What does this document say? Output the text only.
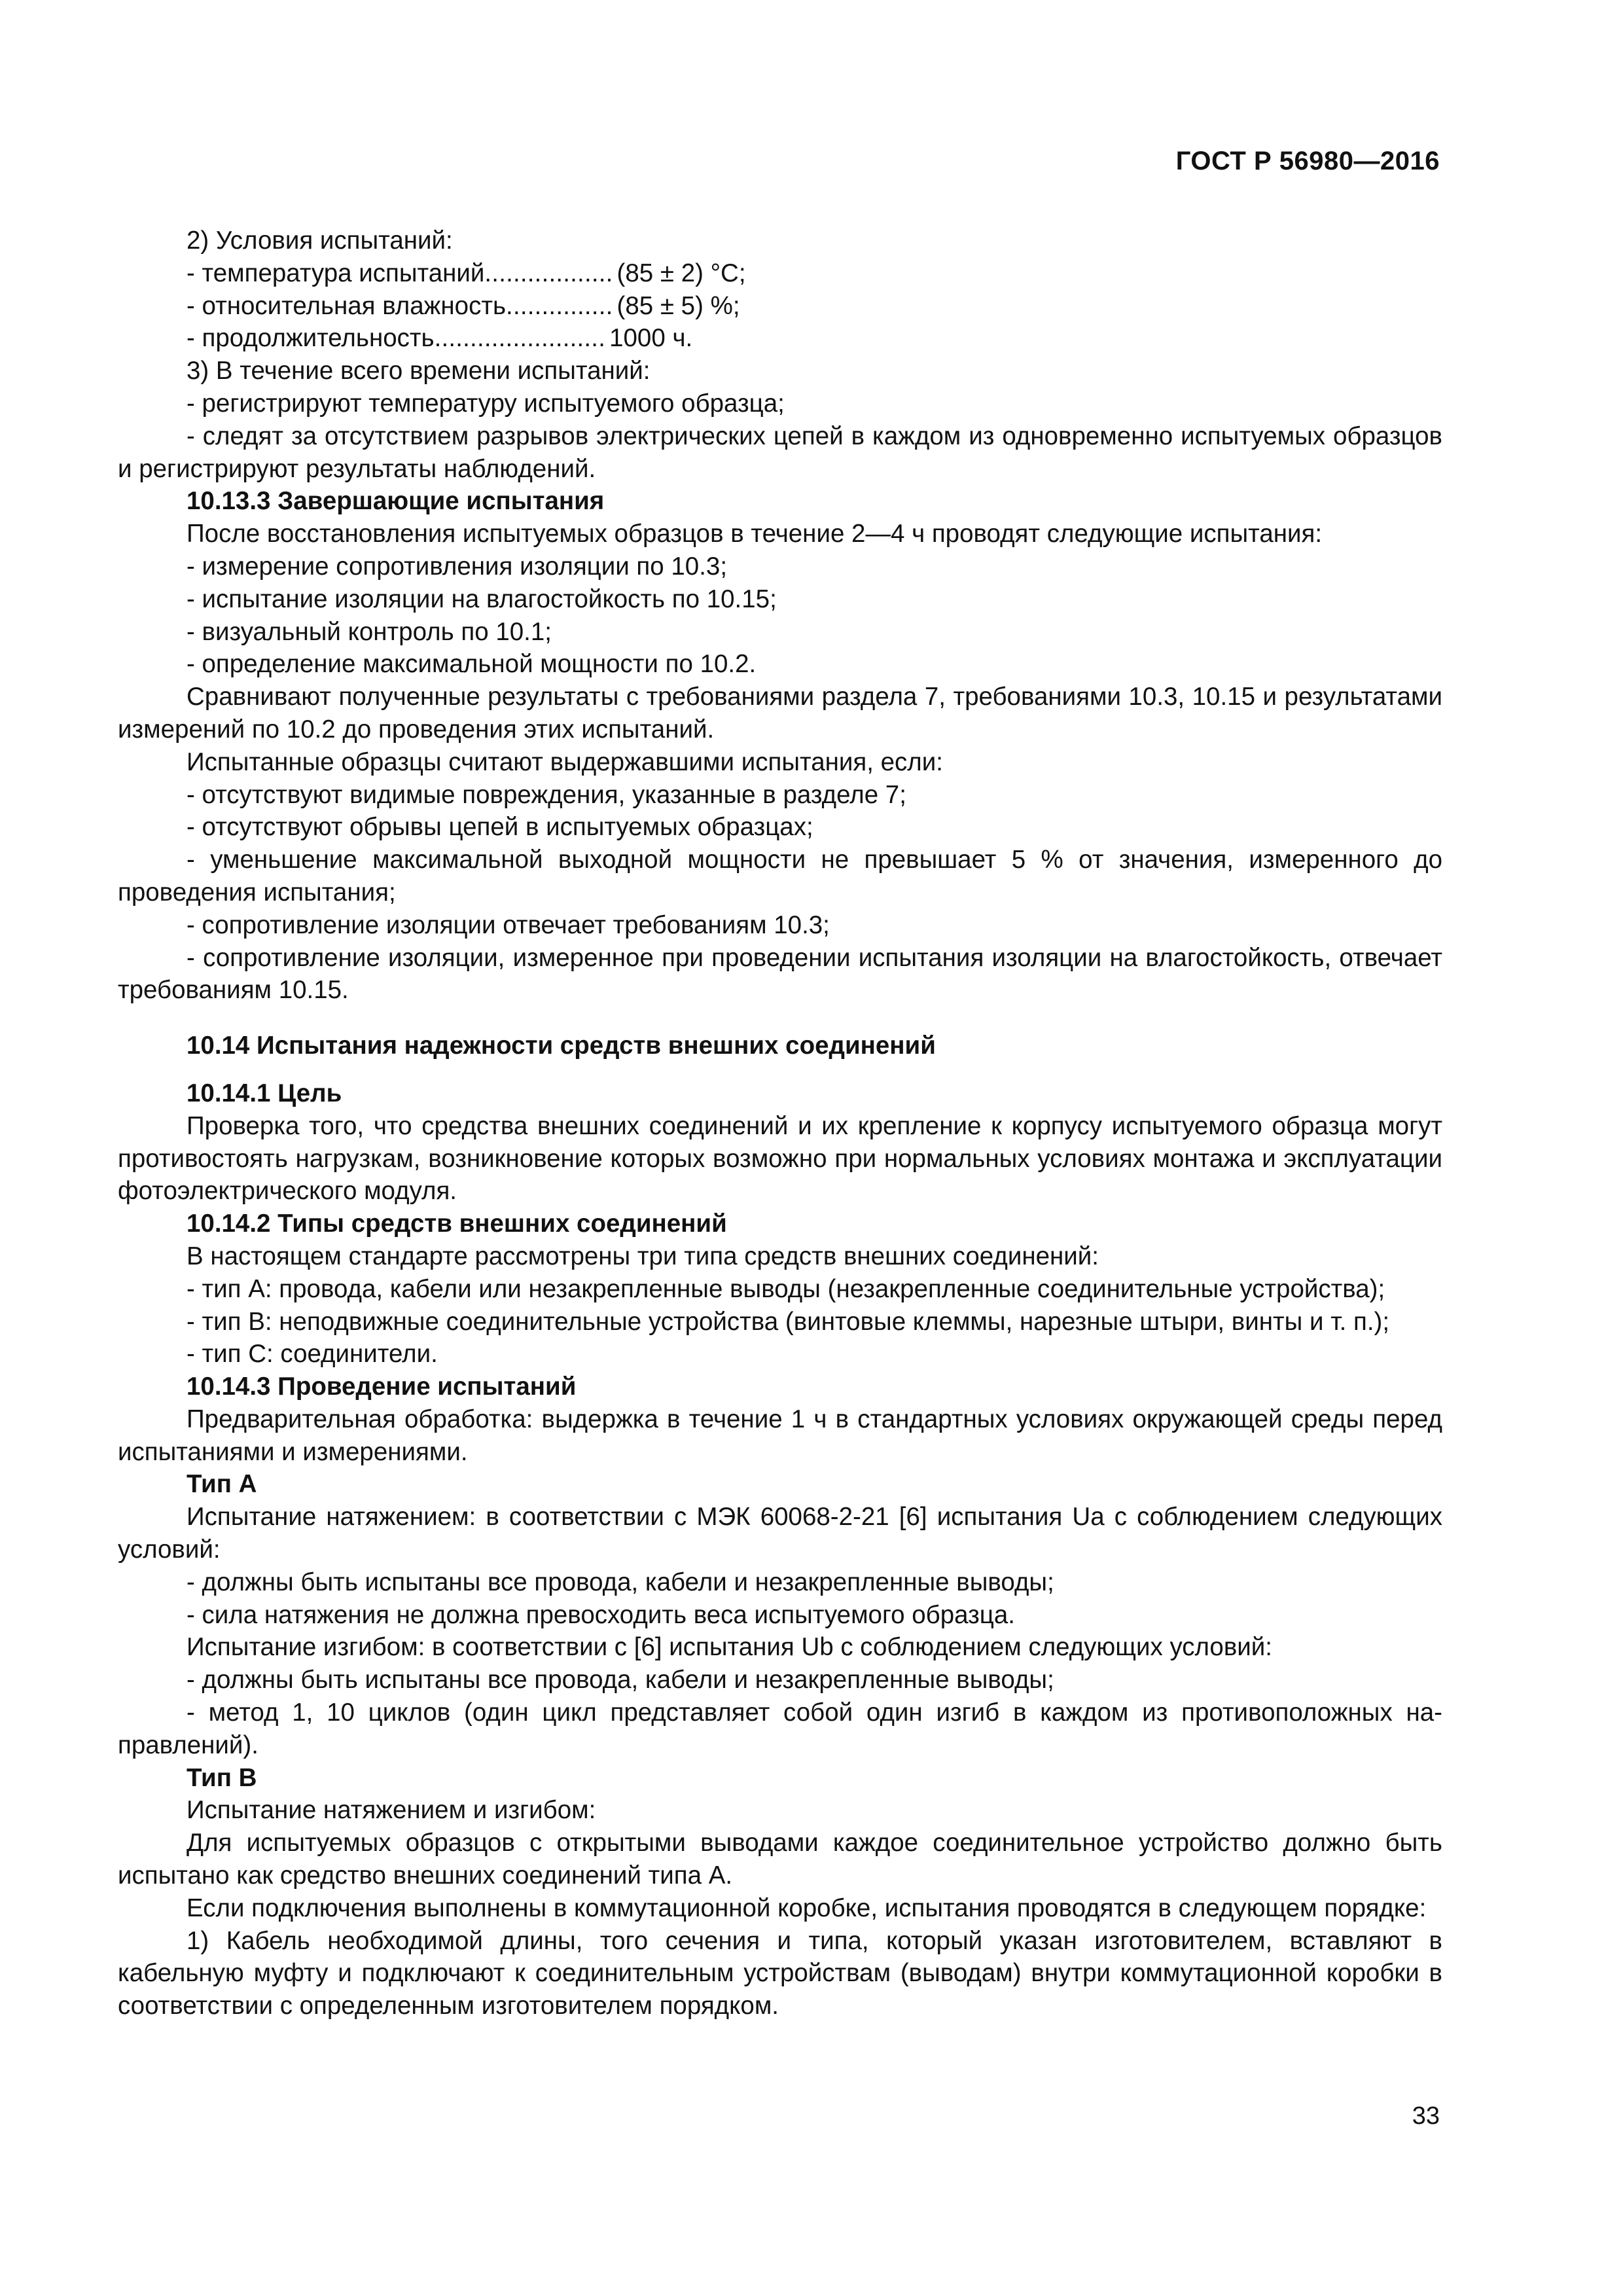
ГОСТ Р 56980—2016

2) Условия испытаний:

- температура испытаний .................. (85 ± 2) °С;
- относительная влажность ............... (85 ± 5) %;
- продолжительность ........................ 1000 ч.

3) В течение всего времени испытаний:

- регистрируют температуру испытуемого образца;

- следят за отсутствием разрывов электрических цепей в каждом из одновременно испытуемых образцов и регистрируют результаты наблюдений.

10.13.3 Завершающие испытания

После восстановления испытуемых образцов в течение 2—4 ч проводят следующие испытания:

- измерение сопротивления изоляции по 10.3;

- испытание изоляции на влагостойкость по 10.15;

- визуальный контроль по 10.1;

- определение максимальной мощности по 10.2.

Сравнивают полученные результаты с требованиями раздела 7, требованиями 10.3, 10.15 и результатами измерений по 10.2 до проведения этих испытаний.

Испытанные образцы считают выдержавшими испытания, если:

- отсутствуют видимые повреждения, указанные в разделе 7;

- отсутствуют обрывы цепей в испытуемых образцах;

- уменьшение максимальной выходной мощности не превышает 5 % от значения, измеренного до проведения испытания;

- сопротивление изоляции отвечает требованиям 10.3;

- сопротивление изоляции, измеренное при проведении испытания изоляции на влагостойкость, отвечает требованиям 10.15.

10.14 Испытания надежности средств внешних соединений

10.14.1 Цель

Проверка того, что средства внешних соединений и их крепление к корпусу испытуемого образца могут противостоять нагрузкам, возникновение которых возможно при нормальных условиях монтажа и эксплуатации фотоэлектрического модуля.

10.14.2 Типы средств внешних соединений

В настоящем стандарте рассмотрены три типа средств внешних соединений:

- тип А: провода, кабели или незакрепленные выводы (незакрепленные соединительные устройства);

- тип В: неподвижные соединительные устройства (винтовые клеммы, нарезные штыри, винты и т. п.);

- тип С: соединители.

10.14.3 Проведение испытаний

Предварительная обработка: выдержка в течение 1 ч в стандартных условиях окружающей среды перед испытаниями и измерениями.

Тип А

Испытание натяжением: в соответствии с МЭК 60068-2-21 [6] испытания Ua с соблюдением следующих условий:

- должны быть испытаны все провода, кабели и незакрепленные выводы;

- сила натяжения не должна превосходить веса испытуемого образца.

Испытание изгибом: в соответствии с [6] испытания Ub с соблюдением следующих условий:

- должны быть испытаны все провода, кабели и незакрепленные выводы;

- метод 1, 10 циклов (один цикл представляет собой один изгиб в каждом из противоположных направлений).

Тип В

Испытание натяжением и изгибом:

Для испытуемых образцов с открытыми выводами каждое соединительное устройство должно быть испытано как средство внешних соединений типа А.

Если подключения выполнены в коммутационной коробке, испытания проводятся в следующем порядке:

1) Кабель необходимой длины, того сечения и типа, который указан изготовителем, вставляют в кабельную муфту и подключают к соединительным устройствам (выводам) внутри коммутационной коробки в соответствии с определенным изготовителем порядком.

33
